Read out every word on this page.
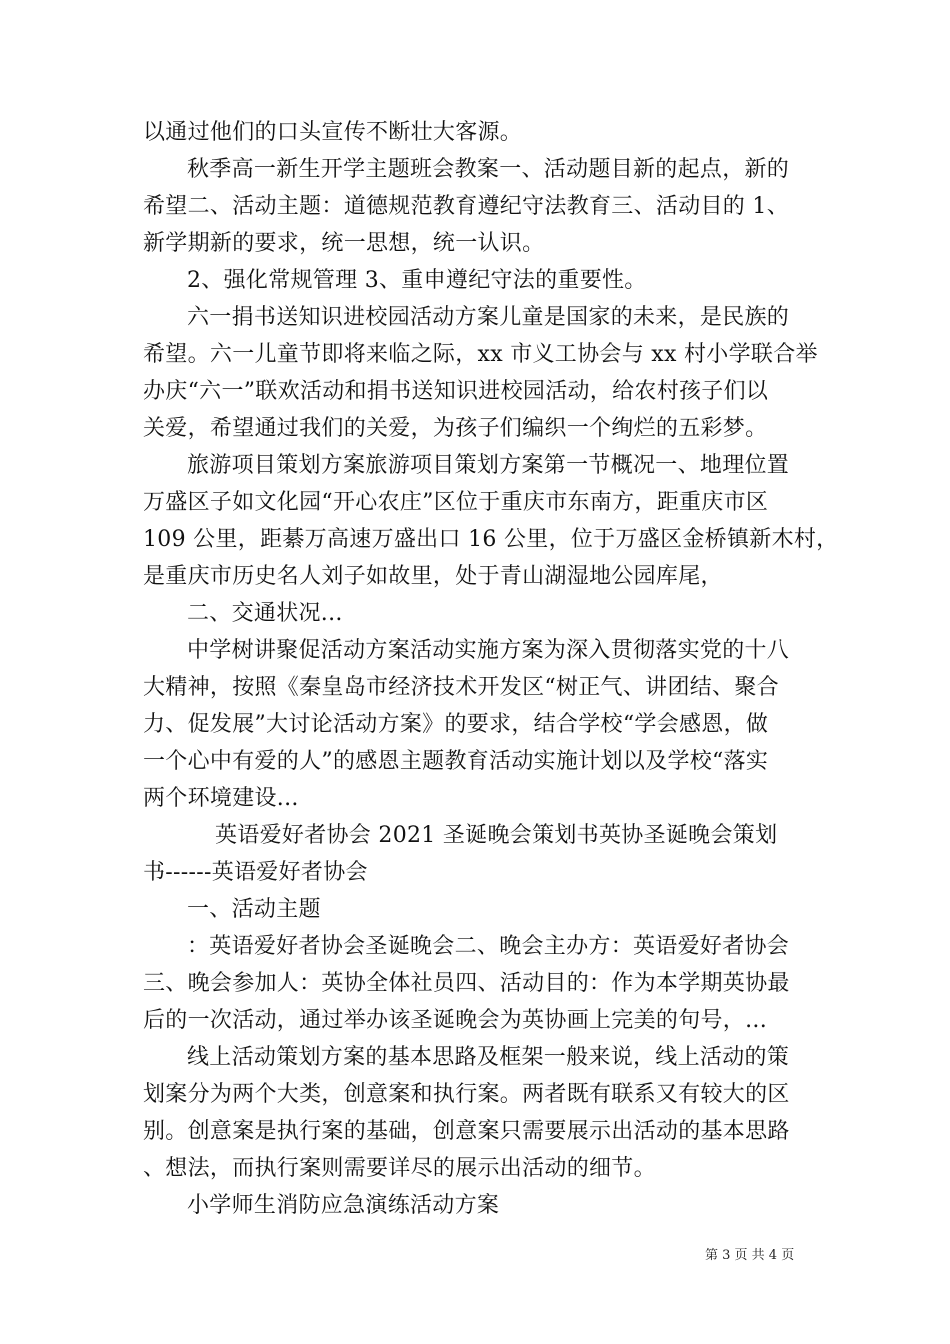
以通过他们的口头宣传不断壮大客源。
秋季高一新生开学主题班会教案一、活动题目新的起点，新的
希望二、活动主题：道德规范教育遵纪守法教育三、活动目的 1、
新学期新的要求，统一思想，统一认识。
2、强化常规管理 3、重申遵纪守法的重要性。
六一捐书送知识进校园活动方案儿童是国家的未来，是民族的
希望。六一儿童节即将来临之际，xx 市义工协会与 xx 村小学联合举
办庆“六一”联欢活动和捐书送知识进校园活动，给农村孩子们以
关爱，希望通过我们的关爱，为孩子们编织一个绚烂的五彩梦。
旅游项目策划方案旅游项目策划方案第一节概况一、地理位置
万盛区子如文化园“开心农庄”区位于重庆市东南方，距重庆市区
109 公里，距綦万高速万盛出口 16 公里，位于万盛区金桥镇新木村，
是重庆市历史名人刘子如故里，处于青山湖湿地公园库尾，
二、交通状况...
中学树讲聚促活动方案活动实施方案为深入贯彻落实党的十八
大精神，按照《秦皇岛市经济技术开发区“树正气、讲团结、聚合
力、促发展”大讨论活动方案》的要求，结合学校“学会感恩，做
一个心中有爱的人”的感恩主题教育活动实施计划以及学校“落实
两个环境建设...
英语爱好者协会 2021 圣诞晚会策划书英协圣诞晚会策划
书------英语爱好者协会
一、活动主题
：英语爱好者协会圣诞晚会二、晚会主办方：英语爱好者协会
三、晚会参加人：英协全体社员四、活动目的：作为本学期英协最
后的一次活动，通过举办该圣诞晚会为英协画上完美的句号，...
线上活动策划方案的基本思路及框架一般来说，线上活动的策
划案分为两个大类，创意案和执行案。两者既有联系又有较大的区
别。创意案是执行案的基础，创意案只需要展示出活动的基本思路
、想法，而执行案则需要详尽的展示出活动的细节。
小学师生消防应急演练活动方案
第 3 页 共 4 页
